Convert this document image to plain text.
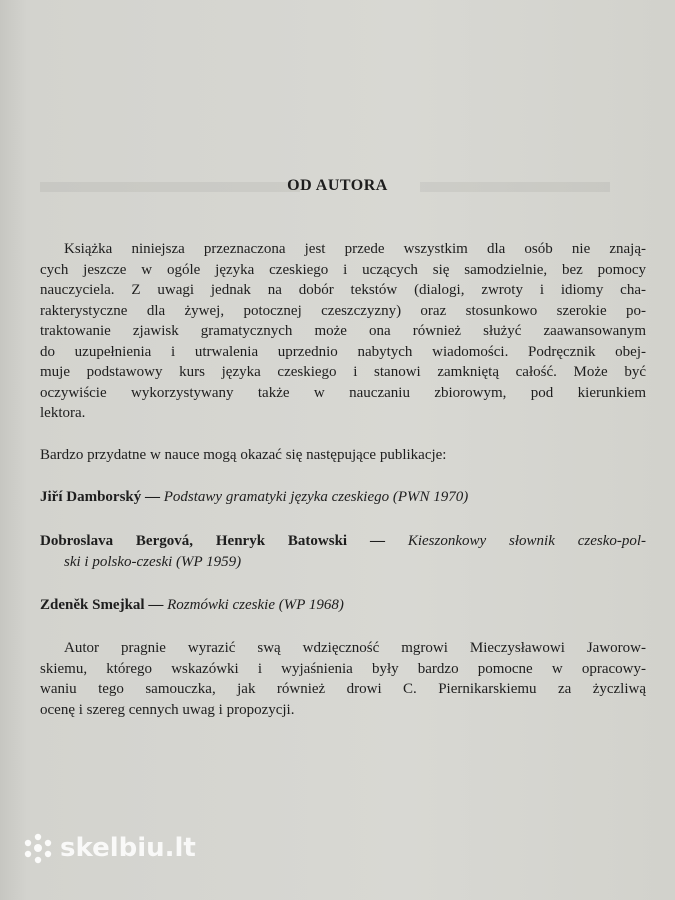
OD AUTORA
Książka niniejsza przeznaczona jest przede wszystkim dla osób nie znają-
cych jeszcze w ogóle języka czeskiego i uczących się samodzielnie, bez pomocy
nauczyciela. Z uwagi jednak na dobór tekstów (dialogi, zwroty i idiomy cha-
rakterystyczne dla żywej, potocznej czeszczyzny) oraz stosunkowo szerokie po-
traktowanie zjawisk gramatycznych może ona również służyć zaawansowanym
do uzupełnienia i utrwalenia uprzednio nabytych wiadomości. Podręcznik obej-
muje podstawowy kurs języka czeskiego i stanowi zamkniętą całość. Może być
oczywiście wykorzystywany także w nauczaniu zbiorowym, pod kierunkiem
lektora.
Bardzo przydatne w nauce mogą okazać się następujące publikacje:
Jiří Damborský — Podstawy gramatyki języka czeskiego (PWN 1970)
Dobroslava Bergová, Henryk Batowski — Kieszonkowy słownik czesko-pol-
ski i polsko-czeski (WP 1959)
Zdeněk Smejkal — Rozmówki czeskie (WP 1968)
Autor pragnie wyrazić swą wdzięczność mgrowi Mieczysławowi Jaworow-
skiemu, którego wskazówki i wyjaśnienia były bardzo pomocne w opracowy-
waniu tego samouczka, jak również drowi C. Piernikarskiemu za życzliwą
ocenę i szereg cennych uwag i propozycji.
skelbiu.lt
